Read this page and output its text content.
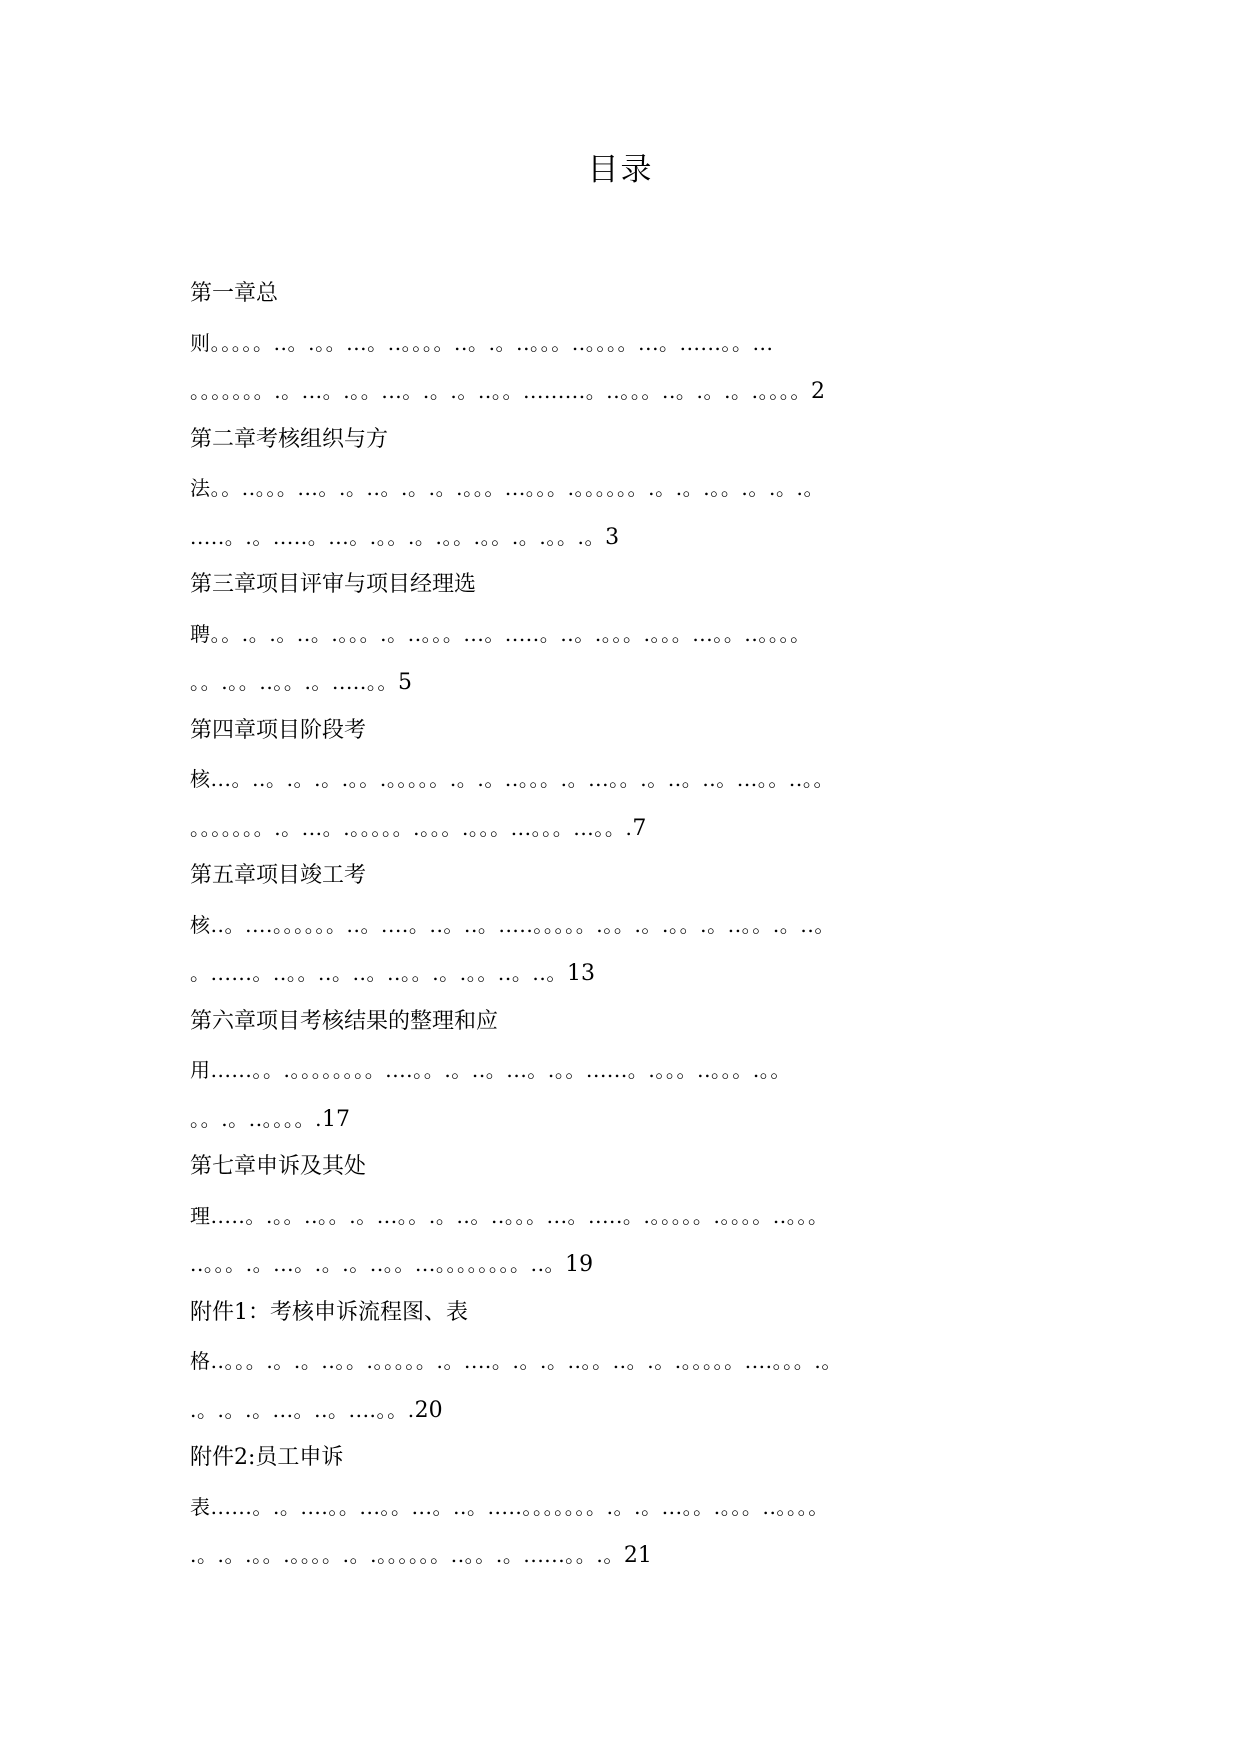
目录
第一章总
则。。。。。..。.。。...。..。。。。..。.。..。。。..。。。。...。......。。...
。。。。。。。.。...。.。。...。.。.。..。。.........。..。。。..。.。.。.。。。。2
第二章考核组织与方
法。。..。。。...。.。..。.。.。.。。。...。。。.。。。。。。.。.。.。。.。.。.。
.....。.。.....。...。.。。.。.。。.。。.。.。。.。3
第三章项目评审与项目经理选
聘。。.。.。..。.。。。.。..。。。...。.....。..。.。。。.。。。...。。..。。。。
。。.。。..。。.。.....。。5
第四章项目阶段考
核...。..。.。.。.。。.。。。。。.。.。..。。。.。...。。.。..。..。...。。..。。
。。。。。。。.。...。.。。。。。.。。。.。。。...。。。...。。.7
第五章项目竣工考
核..。....。。。。。。..。....。..。..。.....。。。。。.。。.。.。。.。..。。.。..。
。......。..。。..。..。..。。.。.。。..。..。13
第六章项目考核结果的整理和应
用......。。.。。。。。。。。....。。.。..。...。.。。......。.。。。..。。。.。。
。。.。..。。。。.17
第七章申诉及其处
理.....。.。。..。。.。...。。.。..。..。。。...。.....。.。。。。。.。。。。..。。。
..。。。.。...。.。.。..。。...。。。。。。。。..。19
附件1：考核申诉流程图、表
格..。。。.。.。..。。.。。。。。.。....。.。.。..。。..。.。.。。。。。....。。。.。
.。.。.。...。..。....。。.20
附件2:员工申诉
表......。.。....。。...。。...。..。.....。。。。。。。.。.。...。。.。。。..。。。。
.。.。.。。.。。。。.。.。。。。。。..。。.。......。。.。21
